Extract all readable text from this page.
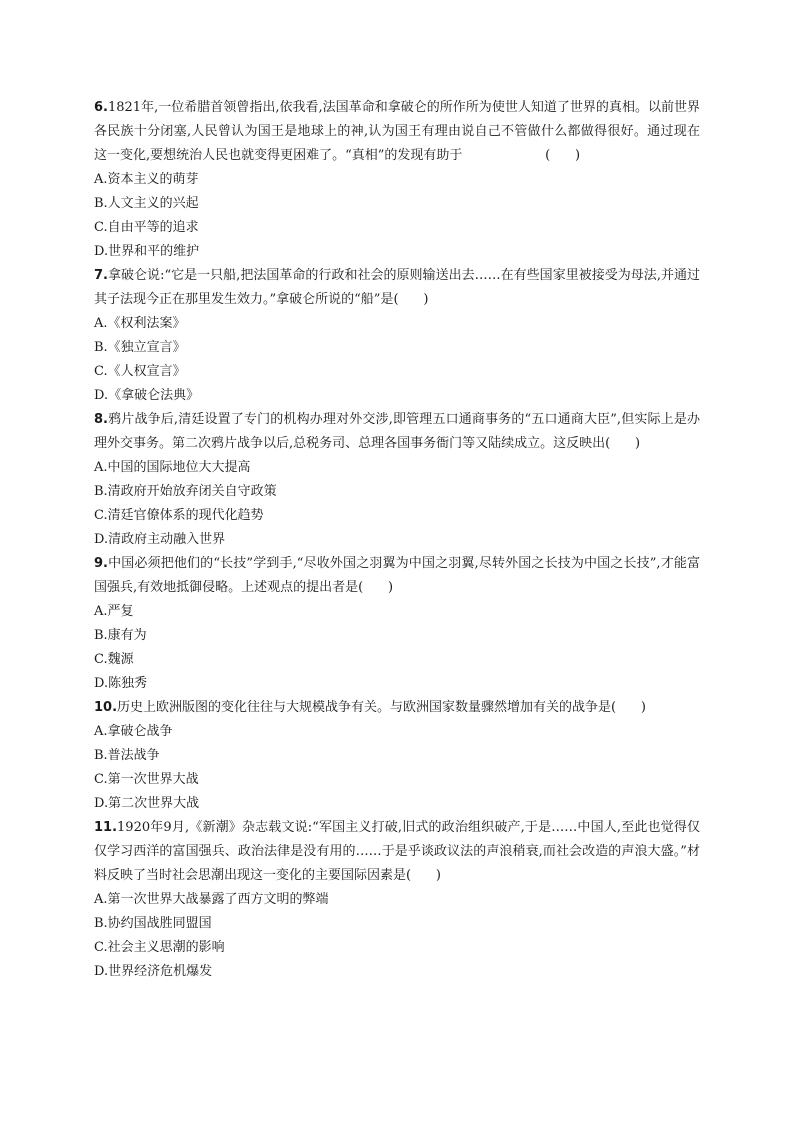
6.1821年,一位希腊首领曾指出,依我看,法国革命和拿破仑的所作所为使世人知道了世界的真相。以前世界各民族十分闭塞,人民曾认为国王是地球上的神,认为国王有理由说自己不管做什么都做得很好。通过现在这一变化,要想统治人民也就变得更困难了。“真相”的发现有助于                    (      )

A.资本主义的萌芽
B.人文主义的兴起
C.自由平等的追求
D.世界和平的维护

7.拿破仑说:“它是一只船,把法国革命的行政和社会的原则输送出去……在有些国家里被接受为母法,并通过其子法现今正在那里发生效力。”拿破仑所说的“船”是(      )

A.《权利法案》
B.《独立宣言》
C.《人权宣言》
D.《拿破仑法典》

8.鸦片战争后,清廷设置了专门的机构办理对外交涉,即管理五口通商事务的“五口通商大臣”,但实际上是办理外交事务。第二次鸦片战争以后,总税务司、总理各国事务衙门等又陆续成立。这反映出(      )

A.中国的国际地位大大提高
B.清政府开始放弃闭关自守政策
C.清廷官僚体系的现代化趋势
D.清政府主动融入世界

9.中国必须把他们的“长技”学到手,“尽收外国之羽翼为中国之羽翼,尽转外国之长技为中国之长技”,才能富国强兵,有效地抵御侵略。上述观点的提出者是(      )

A.严复
B.康有为
C.魏源
D.陈独秀

10.历史上欧洲版图的变化往往与大规模战争有关。与欧洲国家数量骤然增加有关的战争是(      )

A.拿破仑战争
B.普法战争
C.第一次世界大战
D.第二次世界大战

11.1920年9月,《新潮》杂志载文说:“军国主义打破,旧式的政治组织破产,于是……中国人,至此也觉得仅仅学习西洋的富国强兵、政治法律是没有用的……于是乎谈政议法的声浪稍衰,而社会改造的声浪大盛。”材料反映了当时社会思潮出现这一变化的主要国际因素是(      )

A.第一次世界大战暴露了西方文明的弊端
B.协约国战胜同盟国
C.社会主义思潮的影响
D.世界经济危机爆发
